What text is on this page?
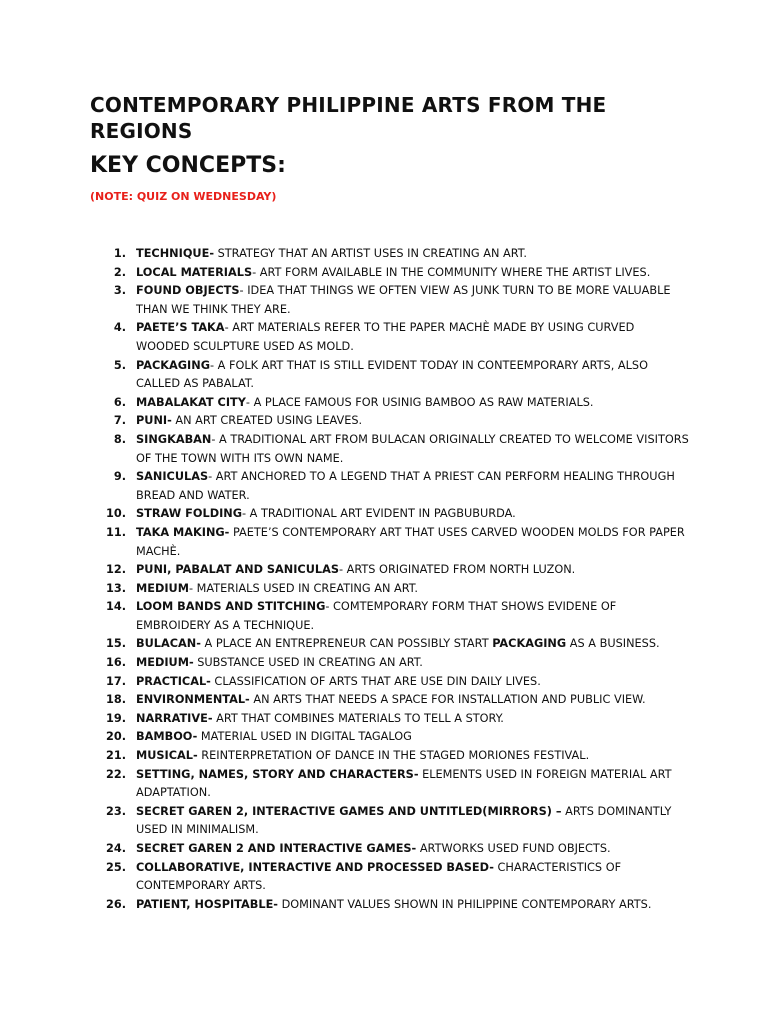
CONTEMPORARY PHILIPPINE ARTS FROM THE REGIONS
KEY CONCEPTS:

(NOTE: QUIZ ON WEDNESDAY)

1. TECHNIQUE- STRATEGY THAT AN ARTIST USES IN CREATING AN ART.
2. LOCAL MATERIALS- ART FORM AVAILABLE IN THE COMMUNITY WHERE THE ARTIST LIVES.
3. FOUND OBJECTS- IDEA THAT THINGS WE OFTEN VIEW AS JUNK TURN TO BE MORE VALUABLE THAN WE THINK THEY ARE.
4. PAETE’S TAKA- ART MATERIALS REFER TO THE PAPER MACHÈ MADE BY USING CURVED WOODED SCULPTURE USED AS MOLD.
5. PACKAGING- A FOLK ART THAT IS STILL EVIDENT TODAY IN CONTEEMPORARY ARTS, ALSO CALLED AS PABALAT.
6. MABALAKAT CITY- A PLACE FAMOUS FOR USINIG BAMBOO AS RAW MATERIALS.
7. PUNI- AN ART CREATED USING LEAVES.
8. SINGKABAN- A TRADITIONAL ART FROM BULACAN ORIGINALLY CREATED TO WELCOME VISITORS OF THE TOWN WITH ITS OWN NAME.
9. SANICULAS- ART ANCHORED TO A LEGEND THAT A PRIEST CAN PERFORM HEALING THROUGH BREAD AND WATER.
10. STRAW FOLDING- A TRADITIONAL ART EVIDENT IN PAGBUBURDA.
11. TAKA MAKING- PAETE’S CONTEMPORARY ART THAT USES CARVED WOODEN MOLDS FOR PAPER MACHÈ.
12. PUNI, PABALAT AND SANICULAS- ARTS ORIGINATED FROM NORTH LUZON.
13. MEDIUM- MATERIALS USED IN CREATING AN ART.
14. LOOM BANDS AND STITCHING- COMTEMPORARY FORM THAT SHOWS EVIDENE OF EMBROIDERY AS A TECHNIQUE.
15. BULACAN- A PLACE AN ENTREPRENEUR CAN POSSIBLY START PACKAGING AS A BUSINESS.
16. MEDIUM- SUBSTANCE USED IN CREATING AN ART.
17. PRACTICAL- CLASSIFICATION OF ARTS THAT ARE USE DIN DAILY LIVES.
18. ENVIRONMENTAL- AN ARTS THAT NEEDS A SPACE FOR INSTALLATION AND PUBLIC VIEW.
19. NARRATIVE- ART THAT COMBINES MATERIALS TO TELL A STORY.
20. BAMBOO- MATERIAL USED IN DIGITAL TAGALOG
21. MUSICAL- REINTERPRETATION OF DANCE IN THE STAGED MORIONES FESTIVAL.
22. SETTING, NAMES, STORY AND CHARACTERS- ELEMENTS USED IN FOREIGN MATERIAL ART ADAPTATION.
23. SECRET GAREN 2, INTERACTIVE GAMES AND UNTITLED(MIRRORS) – ARTS DOMINANTLY USED IN MINIMALISM.
24. SECRET GAREN 2 AND INTERACTIVE GAMES- ARTWORKS USED FUND OBJECTS.
25. COLLABORATIVE, INTERACTIVE AND PROCESSED BASED- CHARACTERISTICS OF CONTEMPORARY ARTS.
26. PATIENT, HOSPITABLE- DOMINANT VALUES SHOWN IN PHILIPPINE CONTEMPORARY ARTS.
